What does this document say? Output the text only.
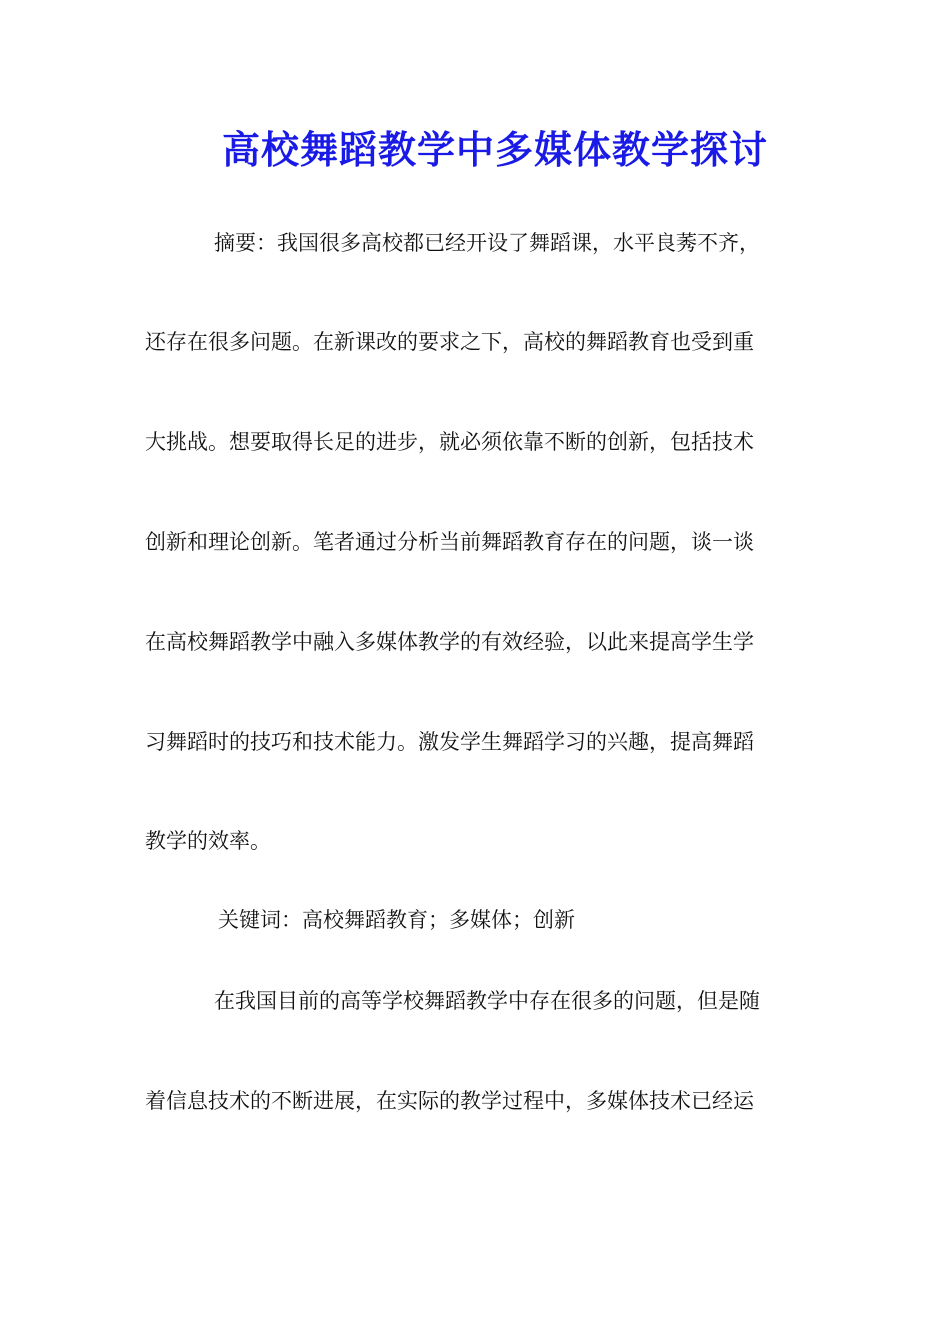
高校舞蹈教学中多媒体教学探讨
摘要：我国很多高校都已经开设了舞蹈课，水平良莠不齐，
还存在很多问题。在新课改的要求之下，高校的舞蹈教育也受到重
大挑战。想要取得长足的进步，就必须依靠不断的创新，包括技术
创新和理论创新。笔者通过分析当前舞蹈教育存在的问题，谈一谈
在高校舞蹈教学中融入多媒体教学的有效经验，以此来提高学生学
习舞蹈时的技巧和技术能力。激发学生舞蹈学习的兴趣，提高舞蹈
教学的效率。
关键词：高校舞蹈教育；多媒体；创新
在我国目前的高等学校舞蹈教学中存在很多的问题，但是随
着信息技术的不断进展，在实际的教学过程中，多媒体技术已经运
